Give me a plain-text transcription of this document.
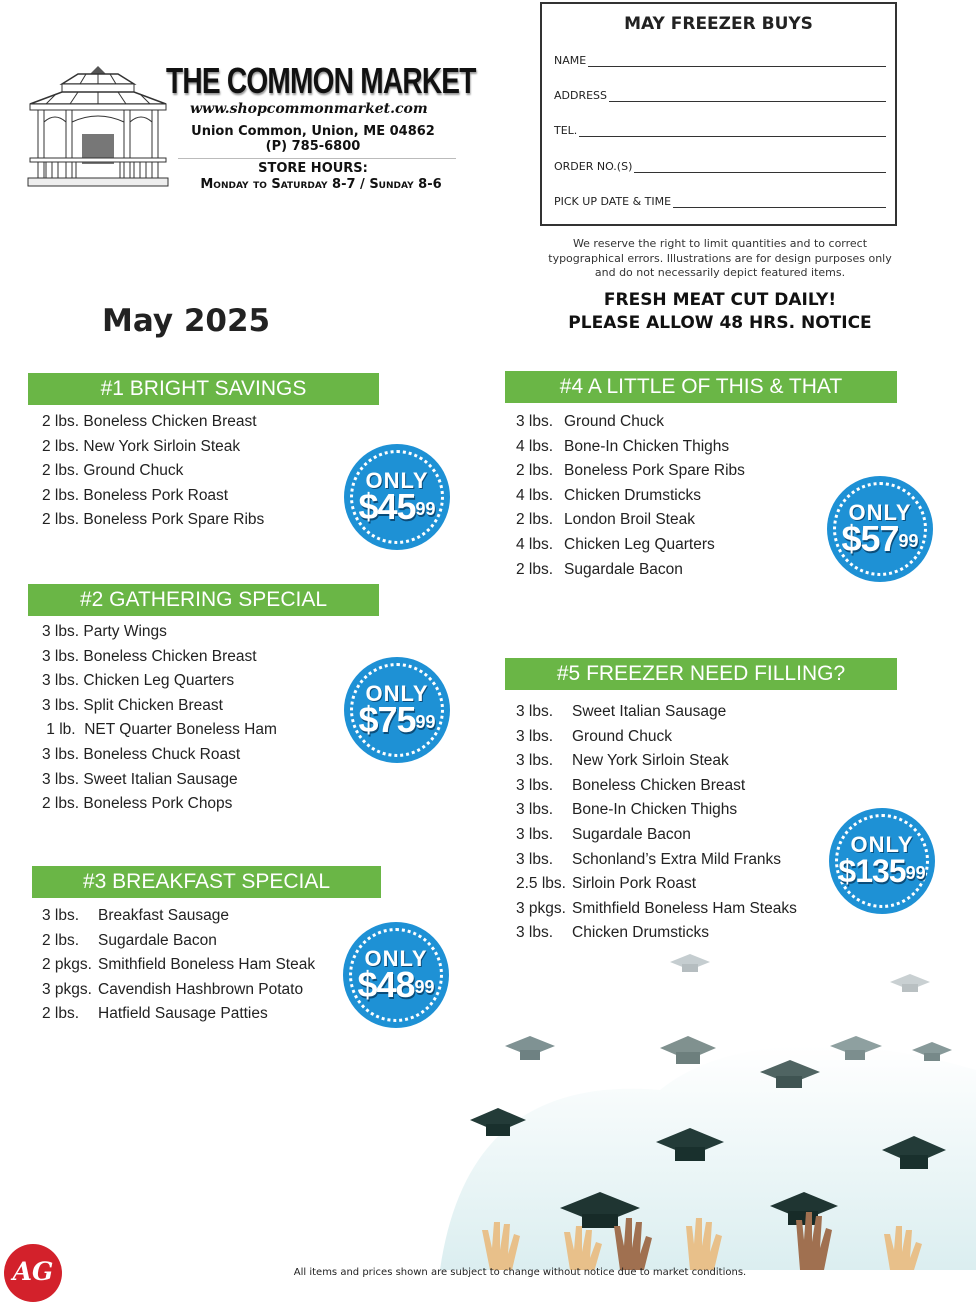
THE COMMON MARKET
www.shopcommonmarket.com
Union Common, Union, ME 04862
(P) 785-6800
STORE HOURS:
Monday to Saturday 8-7 / Sunday 8-6
MAY FREEZER BUYS
NAME
ADDRESS
TEL.
ORDER NO.(S)
PICK UP DATE & TIME
We reserve the right to limit quantities and to correct typographical errors. Illustrations are for design purposes only and do not necessarily depict featured items.
FRESH MEAT CUT DAILY!
PLEASE ALLOW 48 HRS. NOTICE
May 2025
#1 BRIGHT SAVINGS
2 lbs. Boneless Chicken Breast
2 lbs. New York Sirloin Steak
2 lbs. Ground Chuck
2 lbs. Boneless Pork Roast
2 lbs. Boneless Pork Spare Ribs
ONLY
$\$45^{99}$
#2 GATHERING SPECIAL
3 lbs. Party Wings
3 lbs. Boneless Chicken Breast
3 lbs. Chicken Leg Quarters
3 lbs. Split Chicken Breast
1 lb. NET Quarter Boneless Ham
3 lbs. Boneless Chuck Roast
3 lbs. Sweet Italian Sausage
2 lbs. Boneless Pork Chops
ONLY
$\$75^{99}$
#3 BREAKFAST SPECIAL
3 lbs. Breakfast Sausage
2 lbs. Sugardale Bacon
2 pkgs. Smithfield Boneless Ham Steak
3 pkgs. Cavendish Hashbrown Potato
2 lbs. Hatfield Sausage Patties
ONLY
$\$48^{99}$
#4 A LITTLE OF THIS & THAT
3 lbs. Ground Chuck
4 lbs. Bone-In Chicken Thighs
2 lbs. Boneless Pork Spare Ribs
4 lbs. Chicken Drumsticks
2 lbs. London Broil Steak
4 lbs. Chicken Leg Quarters
2 lbs. Sugardale Bacon
ONLY
$\$57^{99}$
#5 FREEZER NEED FILLING?
3 lbs. Sweet Italian Sausage
3 lbs. Ground Chuck
3 lbs. New York Sirloin Steak
3 lbs. Boneless Chicken Breast
3 lbs. Bone-In Chicken Thighs
3 lbs. Sugardale Bacon
3 lbs. Schonland’s Extra Mild Franks
2.5 lbs. Sirloin Pork Roast
3 pkgs. Smithfield Boneless Ham Steaks
3 lbs. Chicken Drumsticks
ONLY
$\$135^{99}$
AG	All items and prices shown are subject to change without notice due to market conditions.
